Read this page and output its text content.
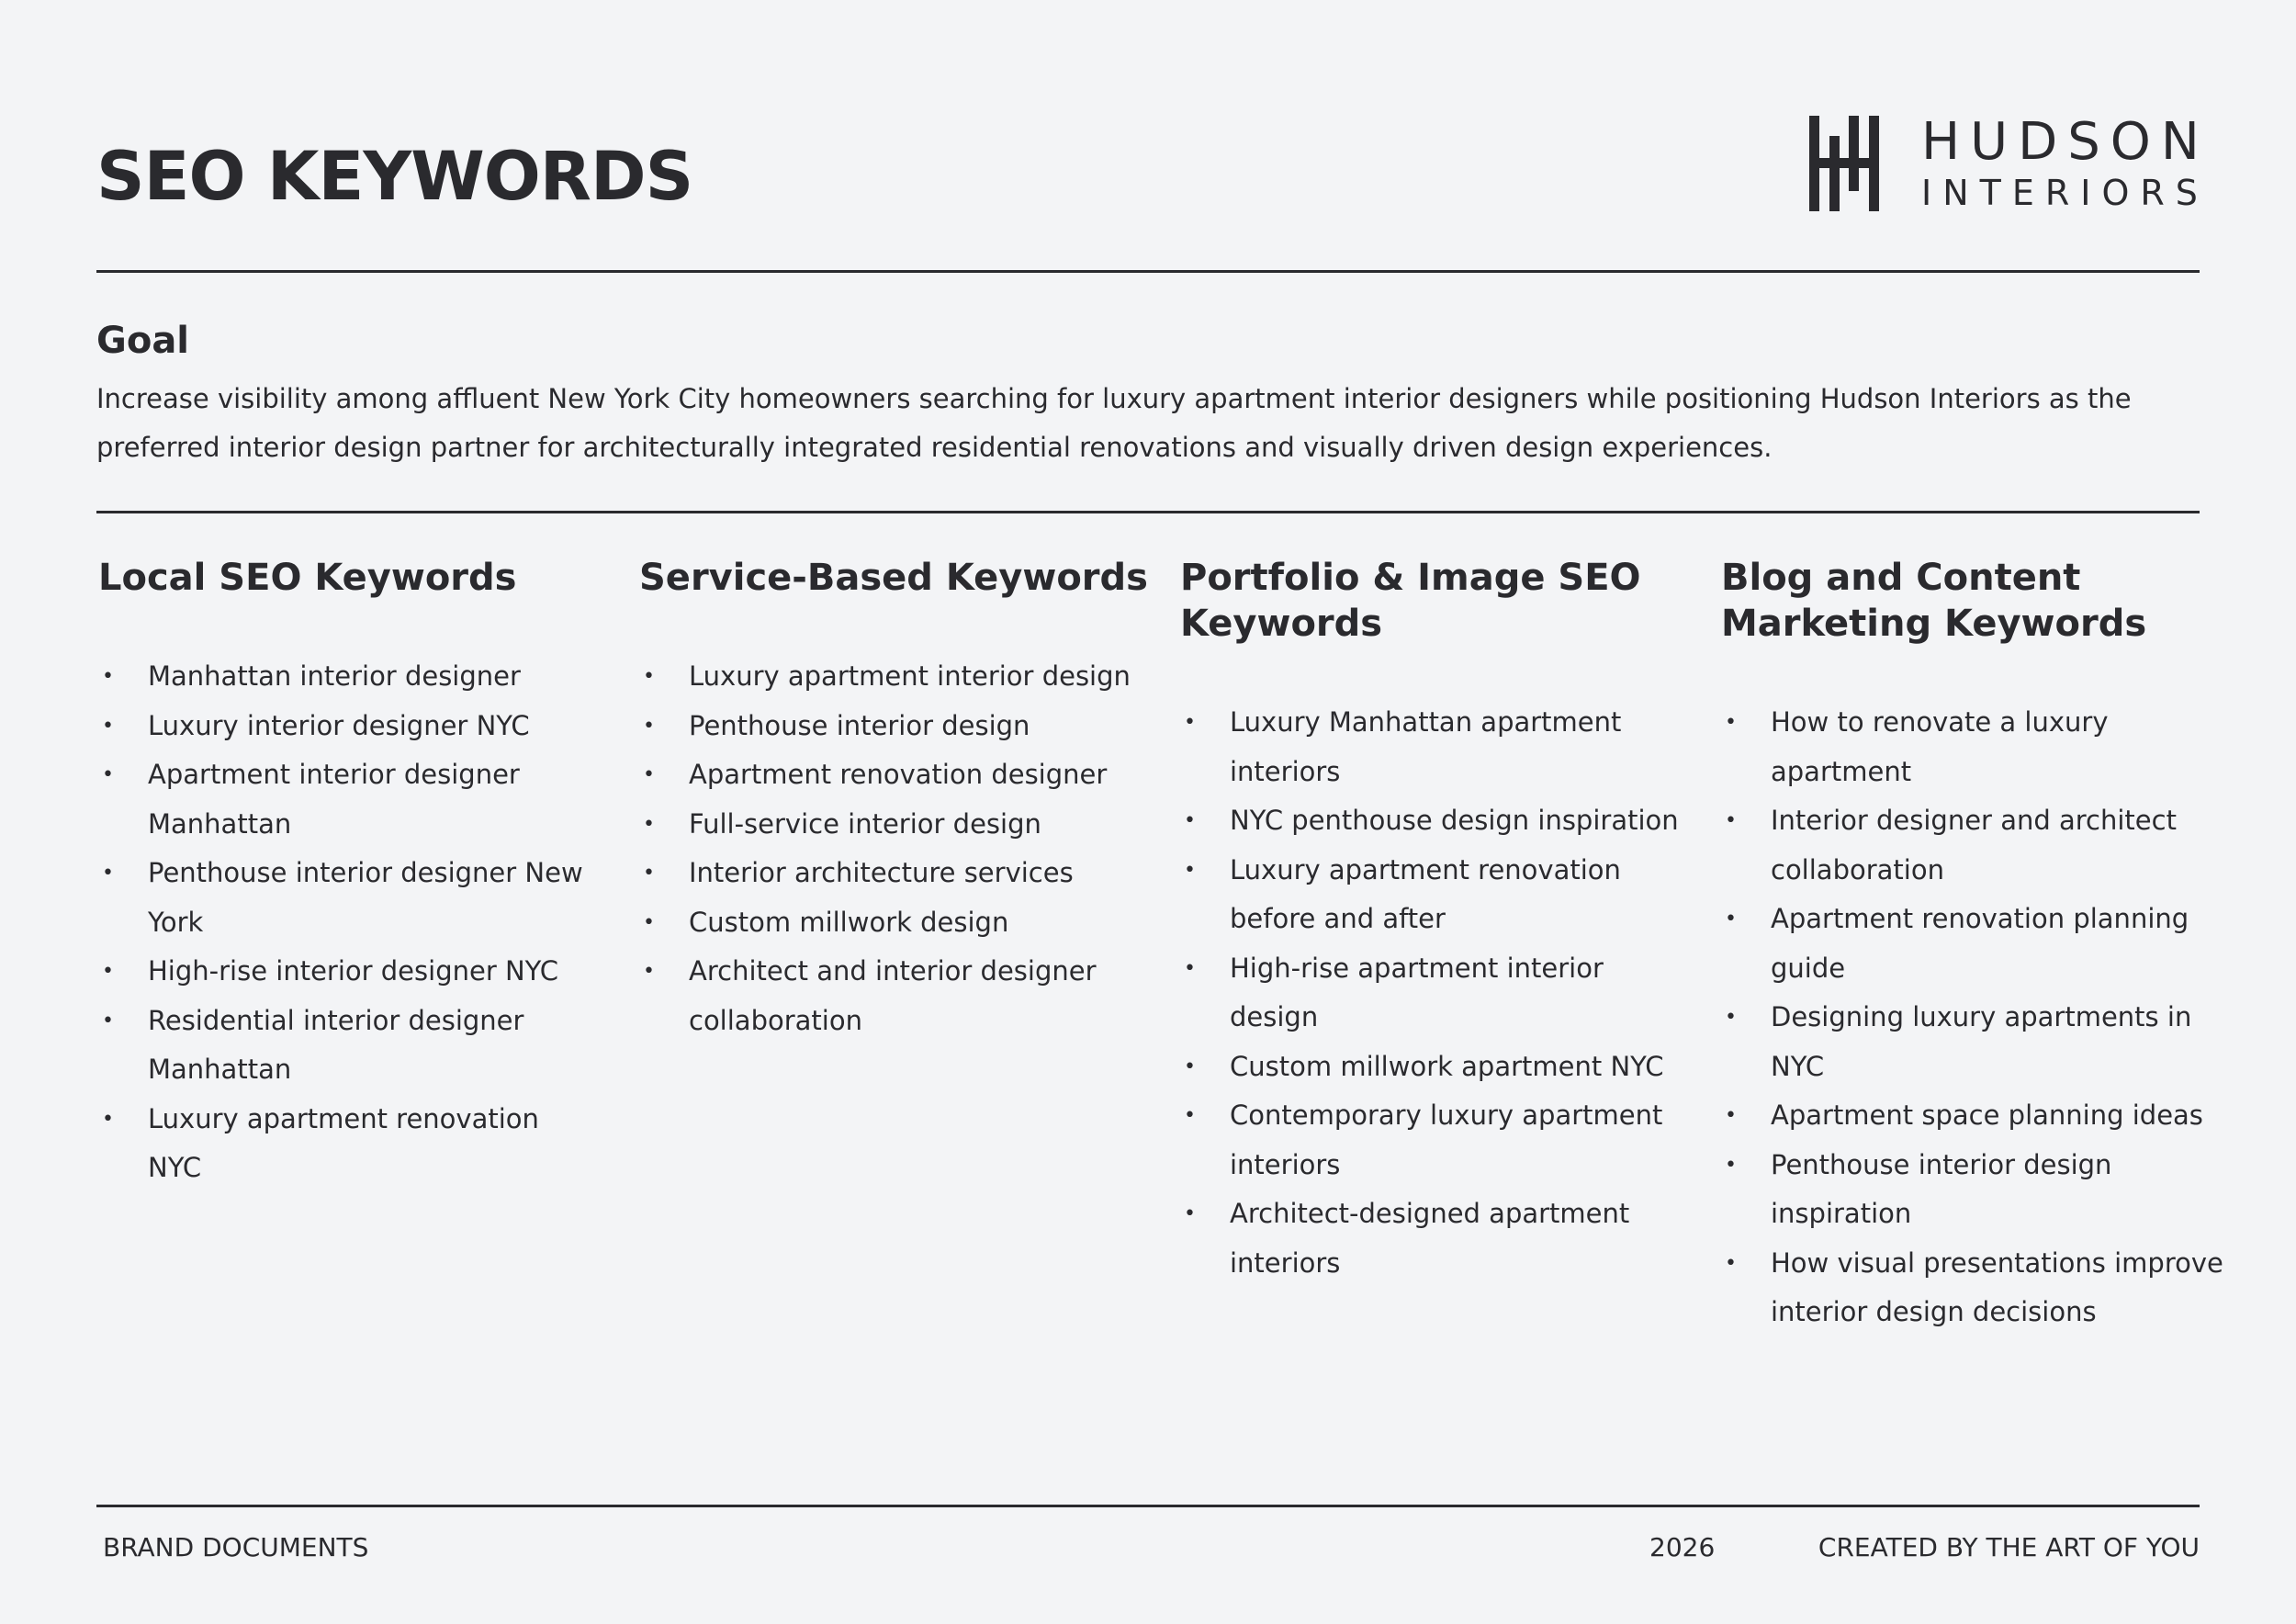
SEO KEYWORDS	HUDSON
INTERIORS
Goal

Increase visibility among affluent New York City homeowners searching for luxury apartment interior designers while positioning Hudson Interiors as the preferred interior design partner for architecturally integrated residential renovations and visually driven design experiences.

Local SEO Keywords
• Manhattan interior designer
• Luxury interior designer NYC
• Apartment interior designer Manhattan
• Penthouse interior designer New York
• High-rise interior designer NYC
• Residential interior designer Manhattan
• Luxury apartment renovation NYC
Service-Based Keywords
• Luxury apartment interior design
• Penthouse interior design
• Apartment renovation designer
• Full-service interior design
• Interior architecture services
• Custom millwork design
• Architect and interior designer collaboration
Portfolio & Image SEO Keywords
• Luxury Manhattan apartment interiors
• NYC penthouse design inspiration
• Luxury apartment renovation before and after
• High-rise apartment interior design
• Custom millwork apartment NYC
• Contemporary luxury apartment interiors
• Architect-designed apartment interiors
Blog and Content Marketing Keywords
• How to renovate a luxury apartment
• Interior designer and architect collaboration
• Apartment renovation planning guide
• Designing luxury apartments in NYC
• Apartment space planning ideas
• Penthouse interior design inspiration
• How visual presentations improve interior design decisions
BRAND DOCUMENTS	2026	CREATED BY THE ART OF YOU
